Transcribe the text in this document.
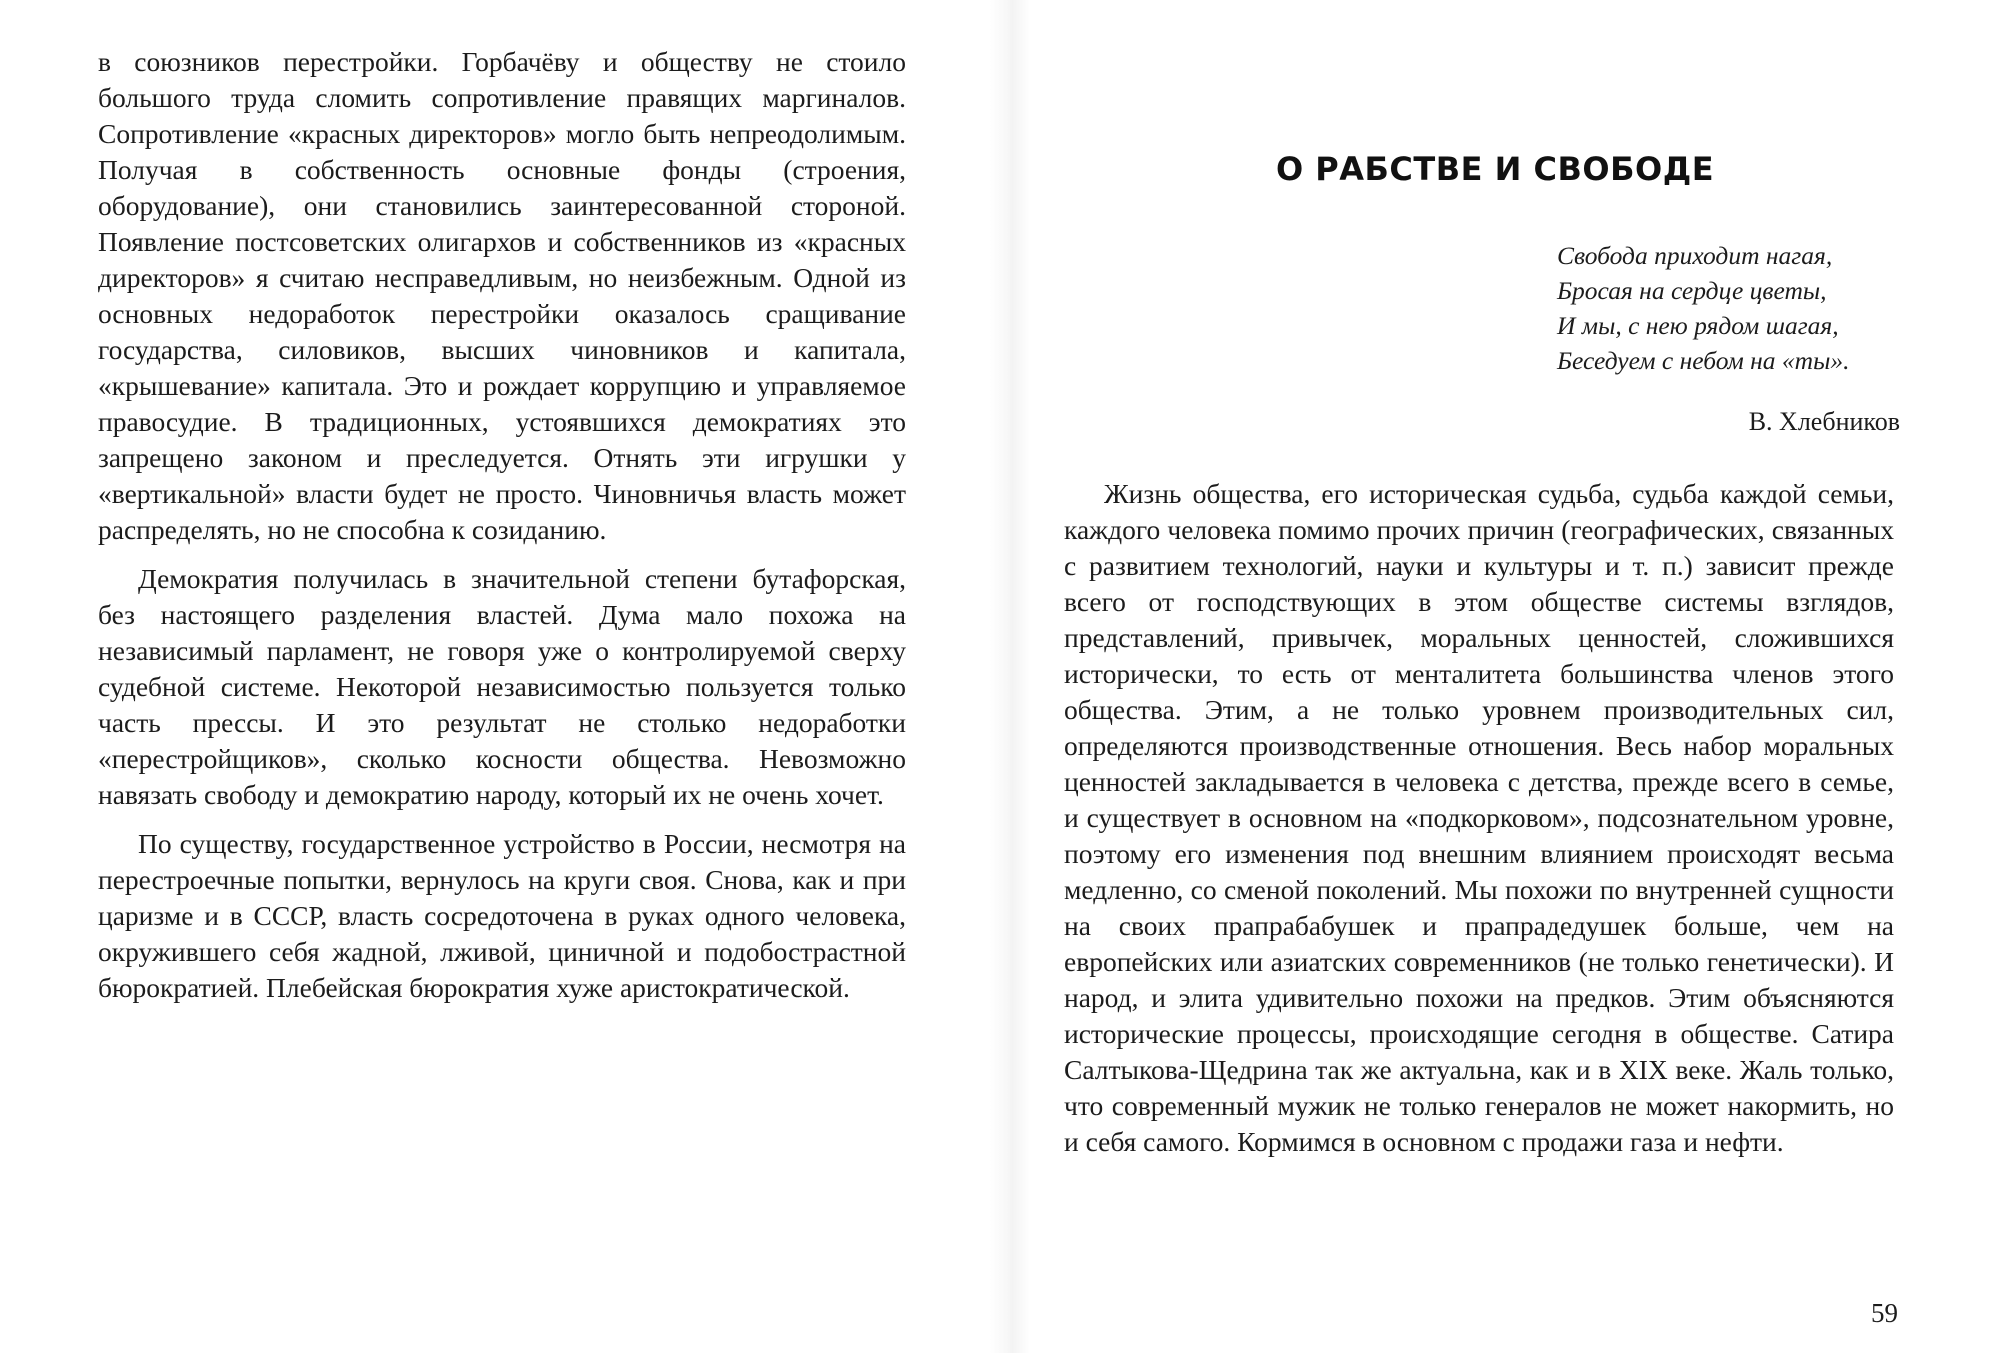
в союзников перестройки. Горбачёву и обществу не стоило большого труда сломить сопротивление правящих маргиналов. Сопротивление «красных директоров» могло быть непреодолимым. Получая в собственность основные фонды (строения, оборудование), они становились заинтересованной стороной. Появление постсоветских олигархов и собственников из «красных директоров» я считаю несправедливым, но неизбежным. Одной из основных недоработок перестройки оказалось сращивание государства, силовиков, высших чиновников и капитала, «крышевание» капитала. Это и рождает коррупцию и управляемое правосудие. В традиционных, устоявшихся демократиях это запрещено законом и преследуется. Отнять эти игрушки у «вертикальной» власти будет не просто. Чиновничья власть может распределять, но не способна к созиданию.

Демократия получилась в значительной степени бутафорская, без настоящего разделения властей. Дума мало похожа на независимый парламент, не говоря уже о контролируемой сверху судебной системе. Некоторой независимостью пользуется только часть прессы. И это результат не столько недоработки «перестройщиков», сколько косности общества. Невозможно навязать свободу и демократию народу, который их не очень хочет.

По существу, государственное устройство в России, несмотря на перестроечные попытки, вернулось на круги своя. Снова, как и при царизме и в СССР, власть сосредоточена в руках одного человека, окружившего себя жадной, лживой, циничной и подобострастной бюрократией. Плебейская бюрократия хуже аристократической.

О РАБСТВЕ И СВОБОДЕ
Свобода приходит нагая,
Бросая на сердце цветы,
И мы, с нею рядом шагая,
Беседуем с небом на «ты».
В. Хлебников

Жизнь общества, его историческая судьба, судьба каждой семьи, каждого человека помимо прочих причин (географических, связанных с развитием технологий, науки и культуры и т. п.) зависит прежде всего от господствующих в этом обществе системы взглядов, представлений, привычек, моральных ценностей, сложившихся исторически, то есть от менталитета большинства членов этого общества. Этим, а не только уровнем производительных сил, определяются производственные отношения. Весь набор моральных ценностей закладывается в человека с детства, прежде всего в семье, и существует в основном на «подкорковом», подсознательном уровне, поэтому его изменения под внешним влиянием происходят весьма медленно, со сменой поколений. Мы похожи по внутренней сущности на своих прапрабабушек и прапрадедушек больше, чем на европейских или азиатских современников (не только генетически). И народ, и элита удивительно похожи на предков. Этим объясняются исторические процессы, происходящие сегодня в обществе. Сатира Салтыкова-Щедрина так же актуальна, как и в XIX веке. Жаль только, что современный мужик не только генералов не может накормить, но и себя самого. Кормимся в основном с продажи газа и нефти.

59
